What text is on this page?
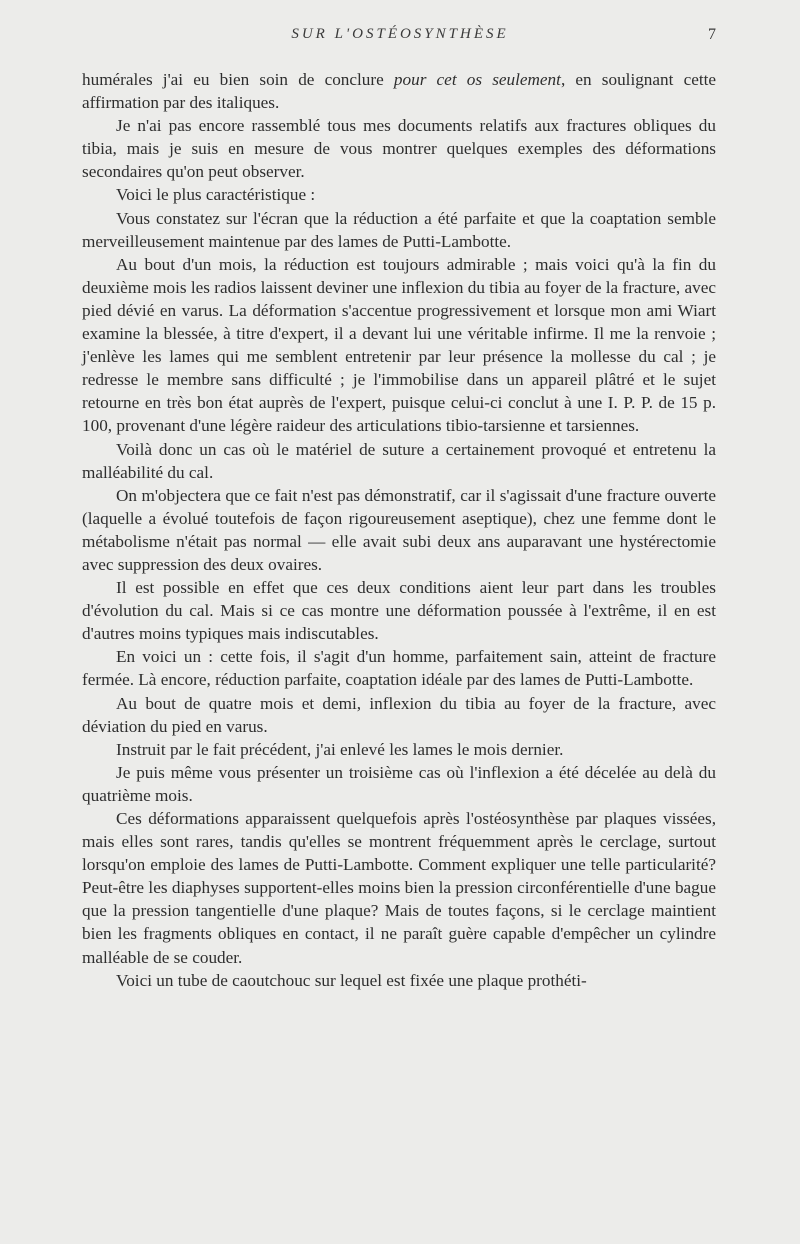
SUR L'OSTÉOSYNTHÈSE	7

humérales j'ai eu bien soin de conclure pour cet os seulement, en soulignant cette affirmation par des italiques.

Je n'ai pas encore rassemblé tous mes documents relatifs aux fractures obliques du tibia, mais je suis en mesure de vous montrer quelques exemples des déformations secondaires qu'on peut observer.

Voici le plus caractéristique :

Vous constatez sur l'écran que la réduction a été parfaite et que la coaptation semble merveilleusement maintenue par des lames de Putti-Lambotte.

Au bout d'un mois, la réduction est toujours admirable ; mais voici qu'à la fin du deuxième mois les radios laissent deviner une inflexion du tibia au foyer de la fracture, avec pied dévié en varus. La déformation s'accentue progressivement et lorsque mon ami Wiart examine la blessée, à titre d'expert, il a devant lui une véritable infirme. Il me la renvoie ; j'enlève les lames qui me semblent entretenir par leur présence la mollesse du cal ; je redresse le membre sans difficulté ; je l'immobilise dans un appareil plâtré et le sujet retourne en très bon état auprès de l'expert, puisque celui-ci conclut à une I. P. P. de 15 p. 100, provenant d'une légère raideur des articulations tibio-tarsienne et tarsiennes.

Voilà donc un cas où le matériel de suture a certainement provoqué et entretenu la malléabilité du cal.

On m'objectera que ce fait n'est pas démonstratif, car il s'agissait d'une fracture ouverte (laquelle a évolué toutefois de façon rigoureusement aseptique), chez une femme dont le métabolisme n'était pas normal — elle avait subi deux ans auparavant une hystérectomie avec suppression des deux ovaires.

Il est possible en effet que ces deux conditions aient leur part dans les troubles d'évolution du cal. Mais si ce cas montre une déformation poussée à l'extrême, il en est d'autres moins typiques mais indiscutables.

En voici un : cette fois, il s'agit d'un homme, parfaitement sain, atteint de fracture fermée. Là encore, réduction parfaite, coaptation idéale par des lames de Putti-Lambotte.

Au bout de quatre mois et demi, inflexion du tibia au foyer de la fracture, avec déviation du pied en varus.

Instruit par le fait précédent, j'ai enlevé les lames le mois dernier.

Je puis même vous présenter un troisième cas où l'inflexion a été décelée au delà du quatrième mois.

Ces déformations apparaissent quelquefois après l'ostéosynthèse par plaques vissées, mais elles sont rares, tandis qu'elles se montrent fréquemment après le cerclage, surtout lorsqu'on emploie des lames de Putti-Lambotte. Comment expliquer une telle particularité? Peut-être les diaphyses supportent-elles moins bien la pression circonférentielle d'une bague que la pression tangentielle d'une plaque? Mais de toutes façons, si le cerclage maintient bien les fragments obliques en contact, il ne paraît guère capable d'empêcher un cylindre malléable de se couder.

Voici un tube de caoutchouc sur lequel est fixée une plaque prothéti-
